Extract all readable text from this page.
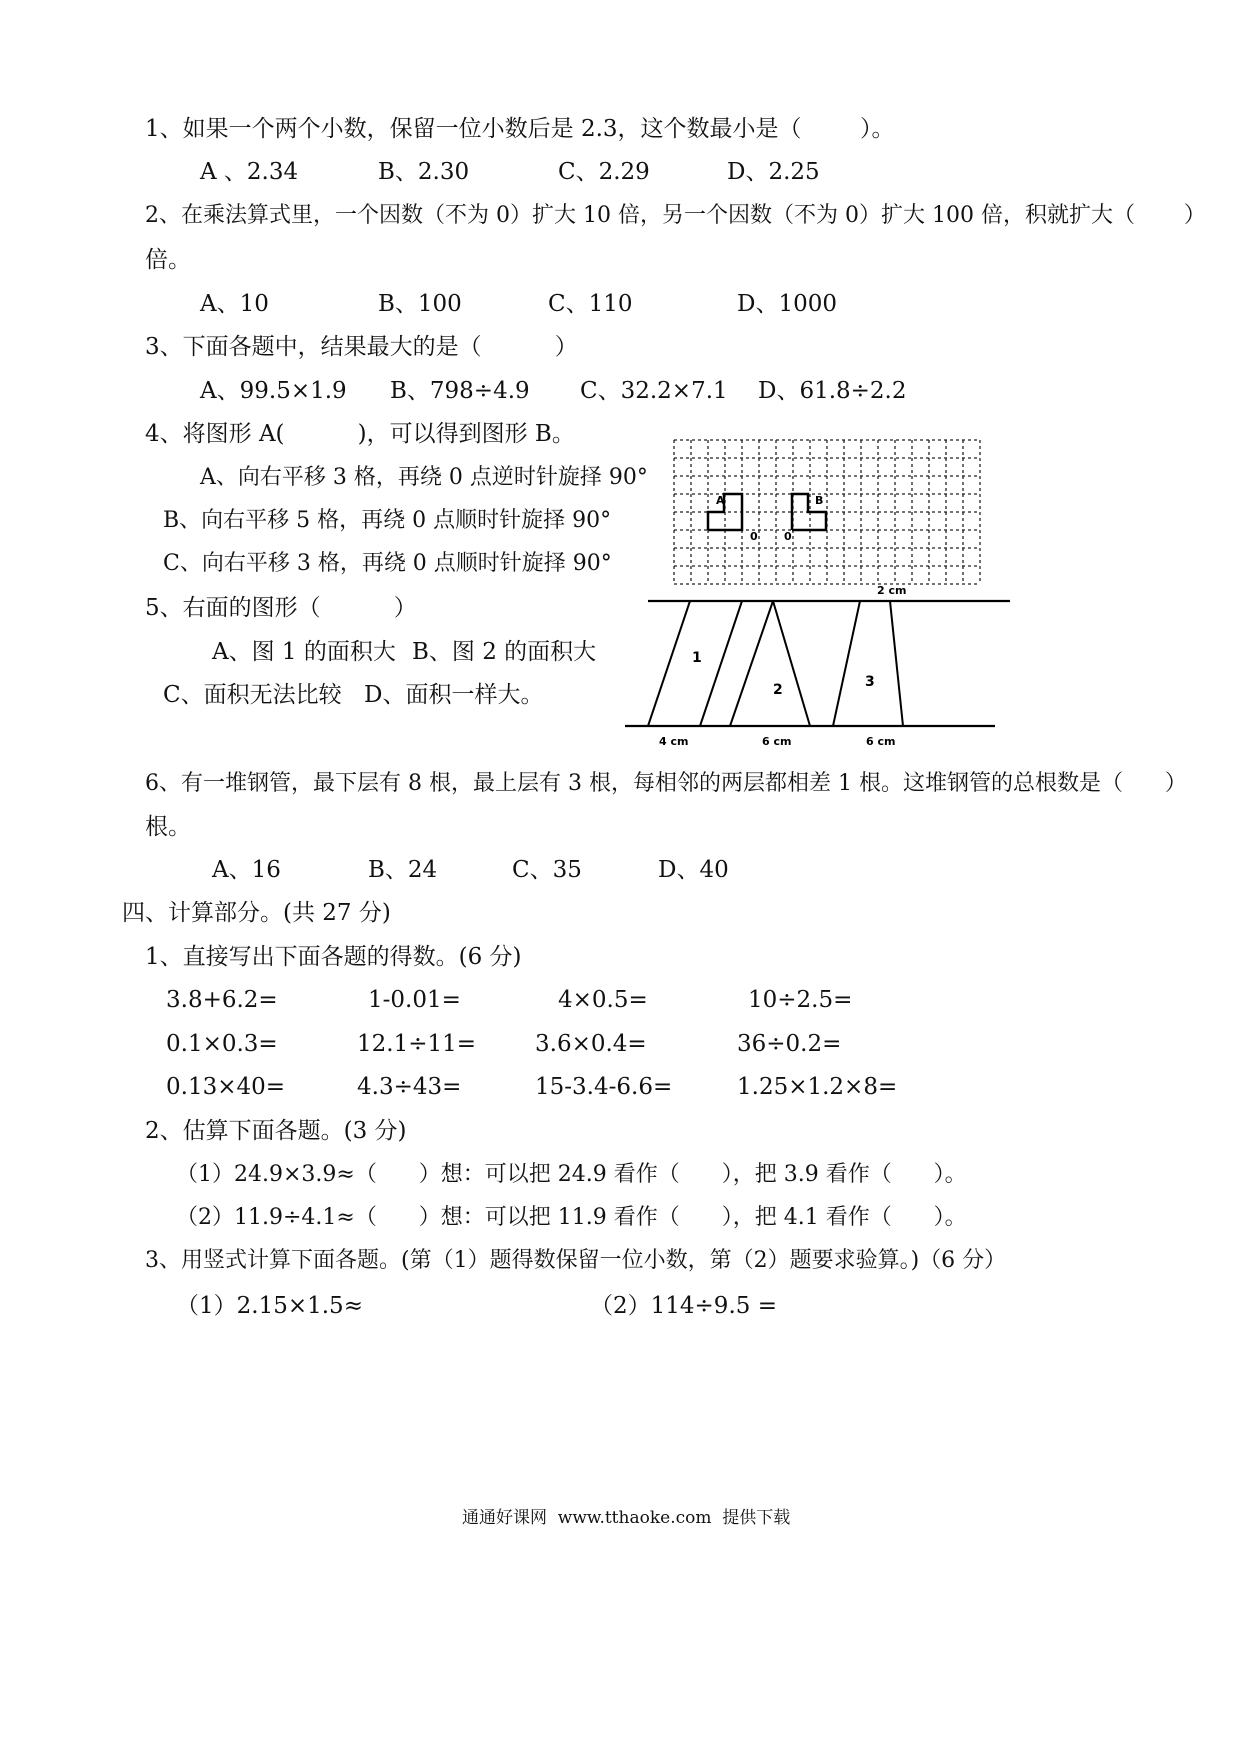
1、如果一个两个小数，保留一位小数后是 2.3，这个数最小是（        ）。
A 、2.34	B、2.30	C、2.29	D、2.25
2、在乘法算式里，一个因数（不为 0）扩大 10 倍，另一个因数（不为 0）扩大 100 倍，积就扩大（       ）
倍。
A、10	B、100	C、110	D、1000
3、下面各题中，结果最大的是（          ）
A、99.5×1.9 B、798÷4.9 C、32.2×7.1 D、61.8÷2.2
4、将图形 A(          )，可以得到图形 B。
A、向右平移 3 格，再绕 0 点逆时针旋择 90°
B、向右平移 5 格，再绕 0 点顺时针旋择 90°
C、向右平移 3 格，再绕 0 点顺时针旋择 90°
5、右面的图形（          ）
A、图 1 的面积大 B、图 2 的面积大
C、面积无法比较 D、面积一样大。
A	B
0 0
2 cm
1
2	3
4 cm	6 cm	6 cm
6、有一堆钢管，最下层有 8 根，最上层有 3 根，每相邻的两层都相差 1 根。这堆钢管的总根数是（      ）
根。
A、16	B、24	C、35	D、40
四、计算部分。(共 27 分)
1、直接写出下面各题的得数。(6 分)
3.8+6.2=	1-0.01=	4×0.5=	10÷2.5=
0.1×0.3=	12.1÷11=	3.6×0.4=	36÷0.2=
0.13×40=	4.3÷43=	15-3.4-6.6=	1.25×1.2×8=
2、估算下面各题。(3 分)
（1）24.9×3.9≈（      ）想：可以把 24.9 看作（      ），把 3.9 看作（      ）。
（2）11.9÷4.1≈（      ）想：可以把 11.9 看作（      ），把 4.1 看作（      ）。
3、用竖式计算下面各题。(第（1）题得数保留一位小数，第（2）题要求验算。)（6 分）
（1）2.15×1.5≈	（2）114÷9.5 =
通通好课网  www.tthaoke.com  提供下载
